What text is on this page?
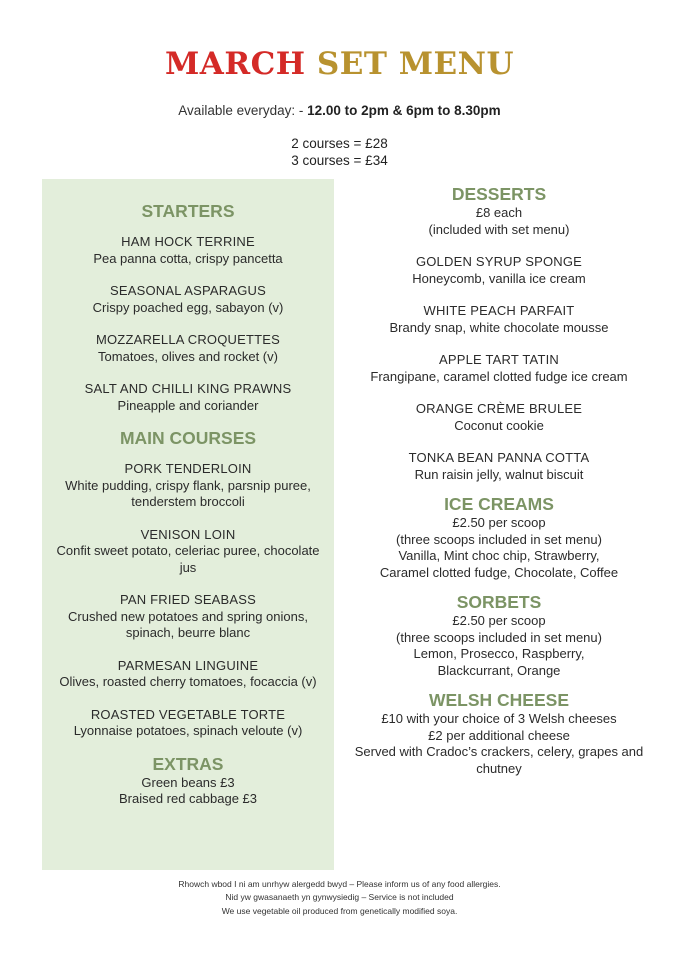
MARCH SET MENU
Available everyday: - 12.00 to 2pm & 6pm to 8.30pm
2 courses = £28
3 courses = £34
STARTERS
HAM HOCK TERRINE
Pea panna cotta, crispy pancetta
SEASONAL ASPARAGUS
Crispy poached egg, sabayon (v)
MOZZARELLA CROQUETTES
Tomatoes, olives and rocket (v)
SALT AND CHILLI KING PRAWNS
Pineapple and coriander
MAIN COURSES
PORK TENDERLOIN
White pudding, crispy flank, parsnip puree, tenderstem broccoli
VENISON LOIN
Confit sweet potato, celeriac puree, chocolate jus
PAN FRIED SEABASS
Crushed new potatoes and spring onions, spinach, beurre blanc
PARMESAN LINGUINE
Olives, roasted cherry tomatoes, focaccia (v)
ROASTED VEGETABLE TORTE
Lyonnaise potatoes, spinach veloute (v)
EXTRAS
Green beans £3
Braised red cabbage £3
DESSERTS
£8 each
(included with set menu)
GOLDEN SYRUP SPONGE
Honeycomb, vanilla ice cream
WHITE PEACH PARFAIT
Brandy snap, white chocolate mousse
APPLE TART TATIN
Frangipane, caramel clotted fudge ice cream
ORANGE CRÈME BRULEE
Coconut cookie
TONKA BEAN PANNA COTTA
Run raisin jelly, walnut biscuit
ICE CREAMS
£2.50 per scoop
(three scoops included in set menu)
Vanilla, Mint choc chip, Strawberry,
Caramel clotted fudge, Chocolate, Coffee
SORBETS
£2.50 per scoop
(three scoops included in set menu)
Lemon, Prosecco, Raspberry,
Blackcurrant, Orange
WELSH CHEESE
£10 with your choice of 3 Welsh cheeses
£2 per additional cheese
Served with Cradoc’s crackers, celery, grapes and chutney
Rhowch wbod I ni am unrhyw alergedd bwyd – Please inform us of any food allergies.
Nid yw gwasanaeth yn gynwysiedig – Service is not included
We use vegetable oil produced from genetically modified soya.
